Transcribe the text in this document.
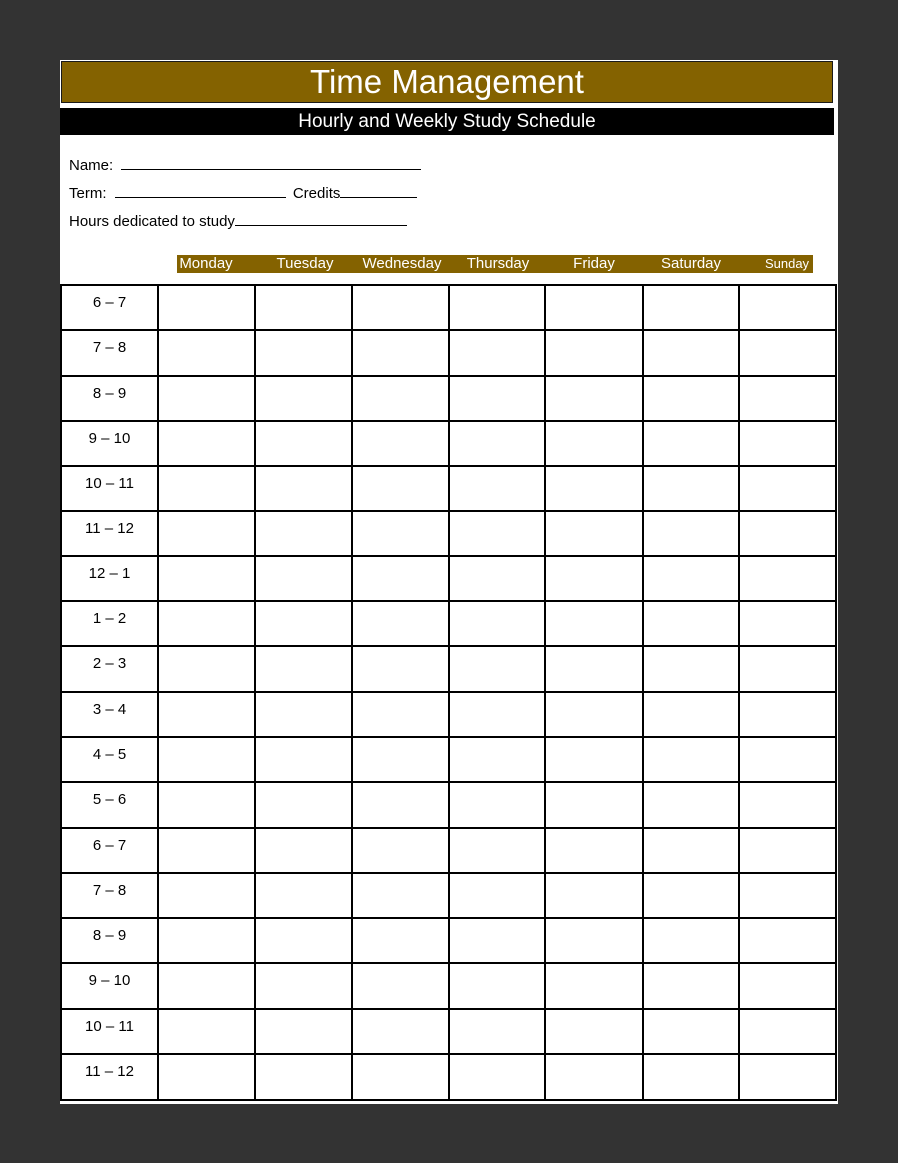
Time Management
Hourly and Weekly Study Schedule
Name:
Term:	Credits
Hours dedicated to study
Monday	Tuesday	Wednesday	Thursday	Friday	Saturday	Sunday
6 – 7							
7 – 8							
8 – 9							
9 – 10							
10 – 11							
11 – 12							
12 – 1							
1 – 2							
2 – 3							
3 – 4							
4 – 5							
5 – 6							
6 – 7							
7 – 8							
8 – 9							
9 – 10							
10 – 11							
11 – 12							
